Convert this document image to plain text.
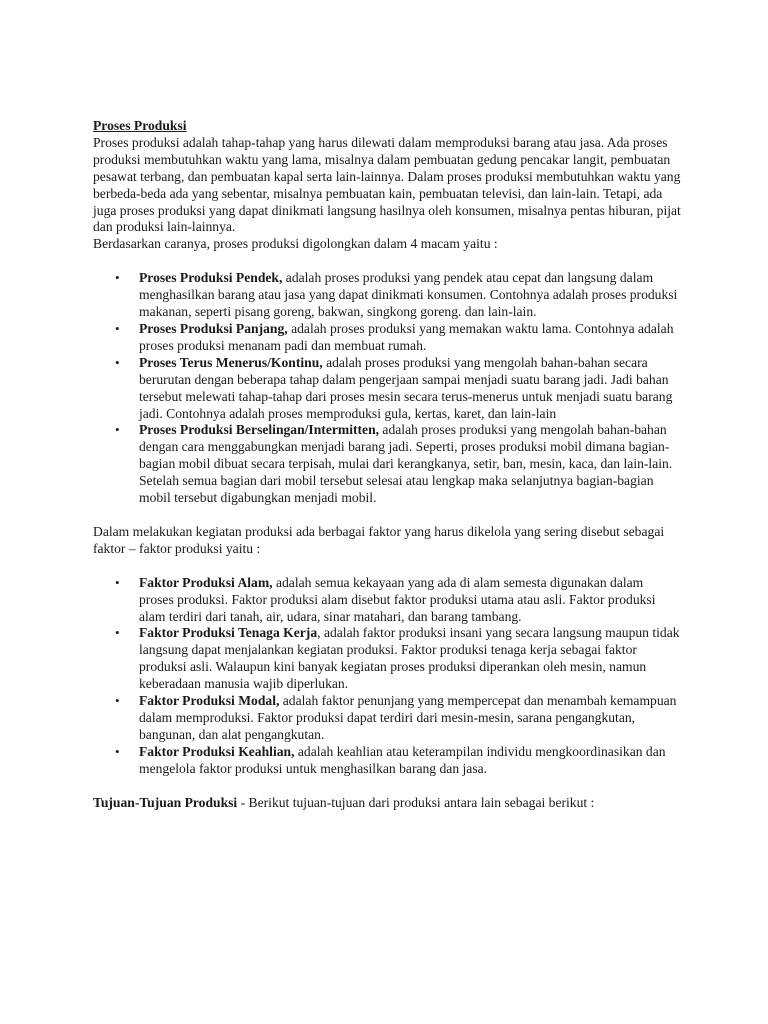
Proses Produksi

Proses produksi adalah tahap-tahap yang harus dilewati dalam memproduksi barang atau jasa. Ada proses produksi membutuhkan waktu yang lama, misalnya dalam pembuatan gedung pencakar langit, pembuatan pesawat terbang, dan pembuatan kapal serta lain-lainnya. Dalam proses produksi membutuhkan waktu yang berbeda-beda ada yang sebentar, misalnya pembuatan kain, pembuatan televisi, dan lain-lain. Tetapi, ada juga proses produksi yang dapat dinikmati langsung hasilnya oleh konsumen, misalnya pentas hiburan, pijat dan produksi lain-lainnya.

Berdasarkan caranya, proses produksi digolongkan dalam 4 macam yaitu :

• Proses Produksi Pendek, adalah proses produksi yang pendek atau cepat dan langsung dalam menghasilkan barang atau jasa yang dapat dinikmati konsumen. Contohnya adalah proses produksi makanan, seperti pisang goreng, bakwan, singkong goreng. dan lain-lain.
• Proses Produksi Panjang, adalah proses produksi yang memakan waktu lama. Contohnya adalah proses produksi menanam padi dan membuat rumah.
• Proses Terus Menerus/Kontinu, adalah proses produksi yang mengolah bahan-bahan secara berurutan dengan beberapa tahap dalam pengerjaan sampai menjadi suatu barang jadi. Jadi bahan tersebut melewati tahap-tahap dari proses mesin secara terus-menerus untuk menjadi suatu barang jadi. Contohnya adalah proses memproduksi gula, kertas, karet, dan lain-lain
• Proses Produksi Berselingan/Intermitten, adalah proses produksi yang mengolah bahan-bahan dengan cara menggabungkan menjadi barang jadi. Seperti, proses produksi mobil dimana bagian-bagian mobil dibuat secara terpisah, mulai dari kerangkanya, setir, ban, mesin, kaca, dan lain-lain. Setelah semua bagian dari mobil tersebut selesai atau lengkap maka selanjutnya bagian-bagian mobil tersebut digabungkan menjadi mobil.

Dalam melakukan kegiatan produksi ada berbagai faktor yang harus dikelola yang sering disebut sebagai faktor – faktor produksi yaitu :

• Faktor Produksi Alam, adalah semua kekayaan yang ada di alam semesta digunakan dalam proses produksi. Faktor produksi alam disebut faktor produksi utama atau asli. Faktor produksi alam terdiri dari tanah, air, udara, sinar matahari, dan barang tambang.
• Faktor Produksi Tenaga Kerja, adalah faktor produksi insani yang secara langsung maupun tidak langsung dapat menjalankan kegiatan produksi. Faktor produksi tenaga kerja sebagai faktor produksi asli. Walaupun kini banyak kegiatan proses produksi diperankan oleh mesin, namun keberadaan manusia wajib diperlukan.
• Faktor Produksi Modal, adalah faktor penunjang yang mempercepat dan menambah kemampuan dalam memproduksi. Faktor produksi dapat terdiri dari mesin-mesin, sarana pengangkutan, bangunan, dan alat pengangkutan.
• Faktor Produksi Keahlian, adalah keahlian atau keterampilan individu mengkoordinasikan dan mengelola faktor produksi untuk menghasilkan barang dan jasa.

Tujuan-Tujuan Produksi - Berikut tujuan-tujuan dari produksi antara lain sebagai berikut :
